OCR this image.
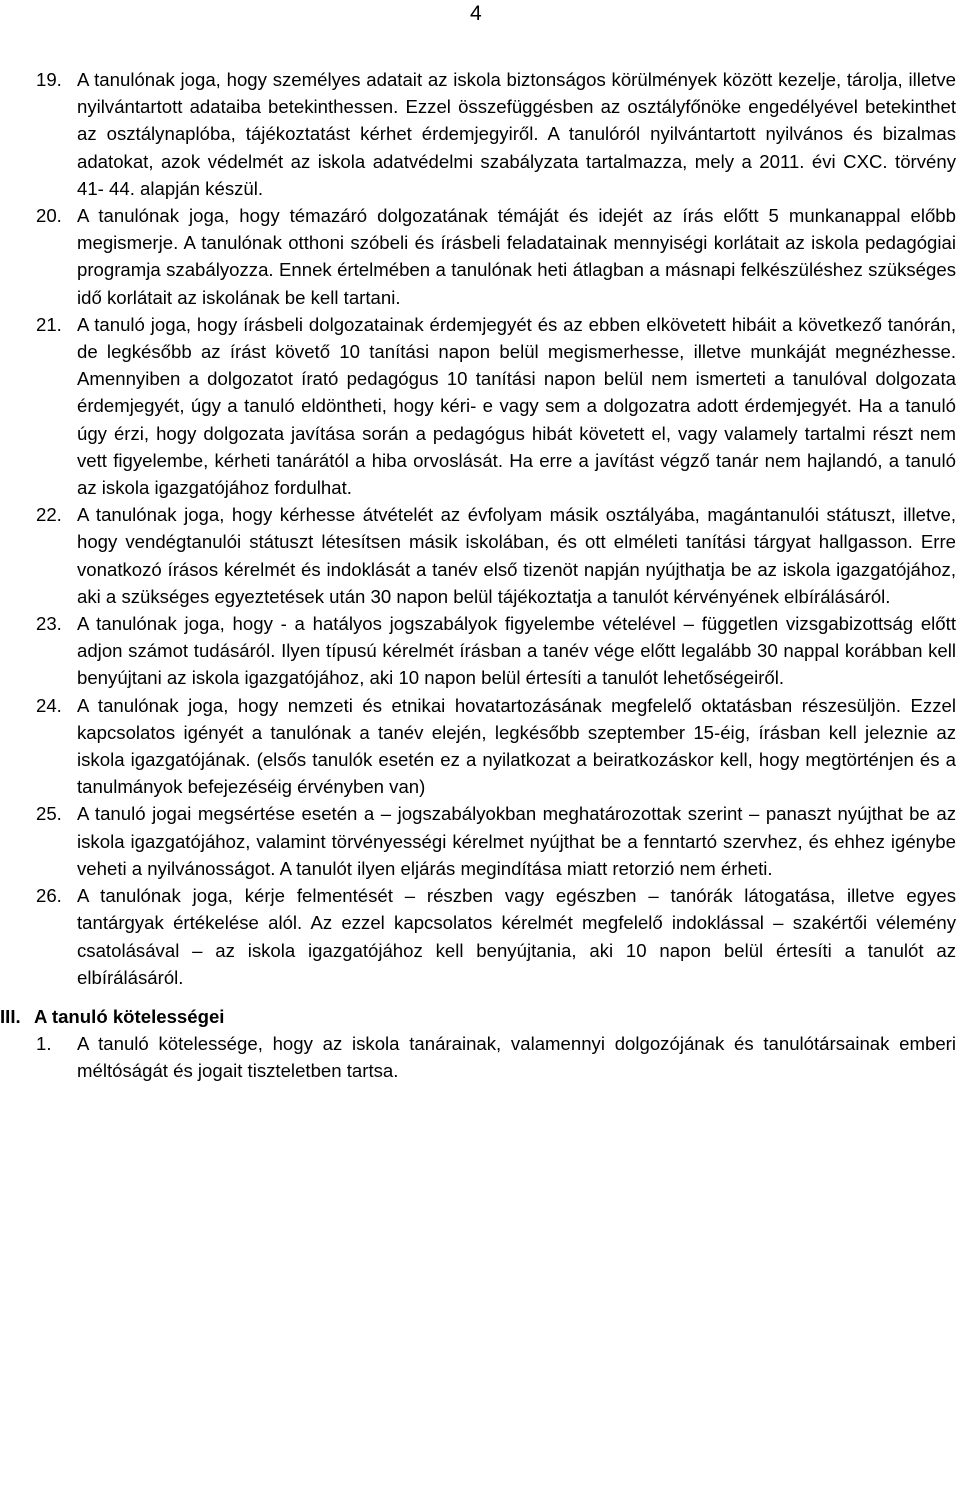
4
19. A tanulónak joga, hogy személyes adatait az iskola biztonságos körülmények között kezelje, tárolja, illetve nyilvántartott adataiba betekinthessen. Ezzel összefüggésben az osztályfőnöke engedélyével betekinthet az osztálynaplóba, tájékoztatást kérhet érdemjegyiről. A tanulóról nyilvántartott nyilvános és bizalmas adatokat, azok védelmét az iskola adatvédelmi szabályzata tartalmazza, mely a 2011. évi CXC. törvény 41- 44. alapján készül.
20. A tanulónak joga, hogy témazáró dolgozatának témáját és idejét az írás előtt 5 munkanappal előbb megismerje. A tanulónak otthoni szóbeli és írásbeli feladatainak mennyiségi korlátait az iskola pedagógiai programja szabályozza. Ennek értelmében a tanulónak heti átlagban a másnapi felkészüléshez szükséges idő korlátait az iskolának be kell tartani.
21. A tanuló joga, hogy írásbeli dolgozatainak érdemjegyét és az ebben elkövetett hibáit a következő tanórán, de legkésőbb az írást követő 10 tanítási napon belül megismerhesse, illetve munkáját megnézhesse. Amennyiben a dolgozatot írató pedagógus 10 tanítási napon belül nem ismerteti a tanulóval dolgozata érdemjegyét, úgy a tanuló eldöntheti, hogy kéri- e vagy sem a dolgozatra adott érdemjegyét. Ha a tanuló úgy érzi, hogy dolgozata javítása során a pedagógus hibát követett el, vagy valamely tartalmi részt nem vett figyelembe, kérheti tanárától a hiba orvoslását. Ha erre a javítást végző tanár nem hajlandó, a tanuló az iskola igazgatójához fordulhat.
22. A tanulónak joga, hogy kérhesse átvételét az évfolyam másik osztályába, magántanulói státuszt, illetve, hogy vendégtanulói státuszt létesítsen másik iskolában, és ott elméleti tanítási tárgyat hallgasson. Erre vonatkozó írásos kérelmét és indoklását a tanév első tizenöt napján nyújthatja be az iskola igazgatójához, aki a szükséges egyeztetések után 30 napon belül tájékoztatja a tanulót kérvényének elbírálásáról.
23. A tanulónak joga, hogy - a hatályos jogszabályok figyelembe vételével – független vizsgabizottság előtt adjon számot tudásáról. Ilyen típusú kérelmét írásban a tanév vége előtt legalább 30 nappal korábban kell benyújtani az iskola igazgatójához, aki 10 napon belül értesíti a tanulót lehetőségeiről.
24. A tanulónak joga, hogy nemzeti és etnikai hovatartozásának megfelelő oktatásban részesüljön. Ezzel kapcsolatos igényét a tanulónak a tanév elején, legkésőbb szeptember 15-éig, írásban kell jeleznie az iskola igazgatójának. (elsős tanulók esetén ez a nyilatkozat a beiratkozáskor kell, hogy megtörténjen és a tanulmányok befejezéséig érvényben van)
25. A tanuló jogai megsértése esetén a – jogszabályokban meghatározottak szerint – panaszt nyújthat be az iskola igazgatójához, valamint törvényességi kérelmet nyújthat be a fenntartó szervhez, és ehhez igénybe veheti a nyilvánosságot. A tanulót ilyen eljárás megindítása miatt retorzió nem érheti.
26. A tanulónak joga, kérje felmentését – részben vagy egészben – tanórák látogatása, illetve egyes tantárgyak értékelése alól. Az ezzel kapcsolatos kérelmét megfelelő indoklással – szakértői vélemény csatolásával – az iskola igazgatójához kell benyújtania, aki 10 napon belül értesíti a tanulót az elbírálásáról.
III. A tanuló kötelességei
1.	A tanuló kötelessége, hogy az iskola tanárainak, valamennyi dolgozójának és tanulótársainak emberi méltóságát és jogait tiszteletben tartsa.
